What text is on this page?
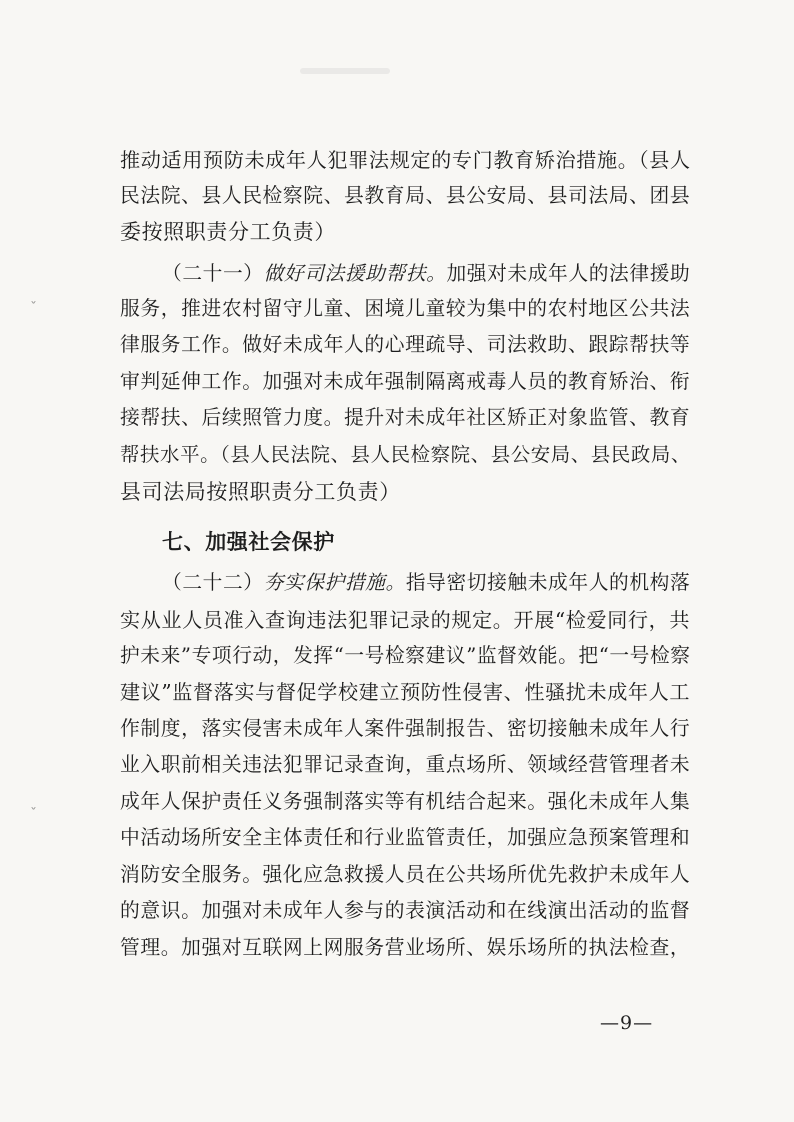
ˇ
ˇ
推动适用预防未成年人犯罪法规定的专门教育矫治措施。（县人
民法院、县人民检察院、县教育局、县公安局、县司法局、团县
委按照职责分工负责）
（二十一）做好司法援助帮扶。加强对未成年人的法律援助
服务，推进农村留守儿童、困境儿童较为集中的农村地区公共法
律服务工作。做好未成年人的心理疏导、司法救助、跟踪帮扶等
审判延伸工作。加强对未成年强制隔离戒毒人员的教育矫治、衔
接帮扶、后续照管力度。提升对未成年社区矫正对象监管、教育
帮扶水平。（县人民法院、县人民检察院、县公安局、县民政局、
县司法局按照职责分工负责）
七、加强社会保护
（二十二）夯实保护措施。指导密切接触未成年人的机构落
实从业人员准入查询违法犯罪记录的规定。开展“检爱同行，共
护未来”专项行动，发挥“一号检察建议”监督效能。把“一号检察
建议”监督落实与督促学校建立预防性侵害、性骚扰未成年人工
作制度，落实侵害未成年人案件强制报告、密切接触未成年人行
业入职前相关违法犯罪记录查询，重点场所、领域经营管理者未
成年人保护责任义务强制落实等有机结合起来。强化未成年人集
中活动场所安全主体责任和行业监管责任，加强应急预案管理和
消防安全服务。强化应急救援人员在公共场所优先救护未成年人
的意识。加强对未成年人参与的表演活动和在线演出活动的监督
管理。加强对互联网上网服务营业场所、娱乐场所的执法检查，
—9—
